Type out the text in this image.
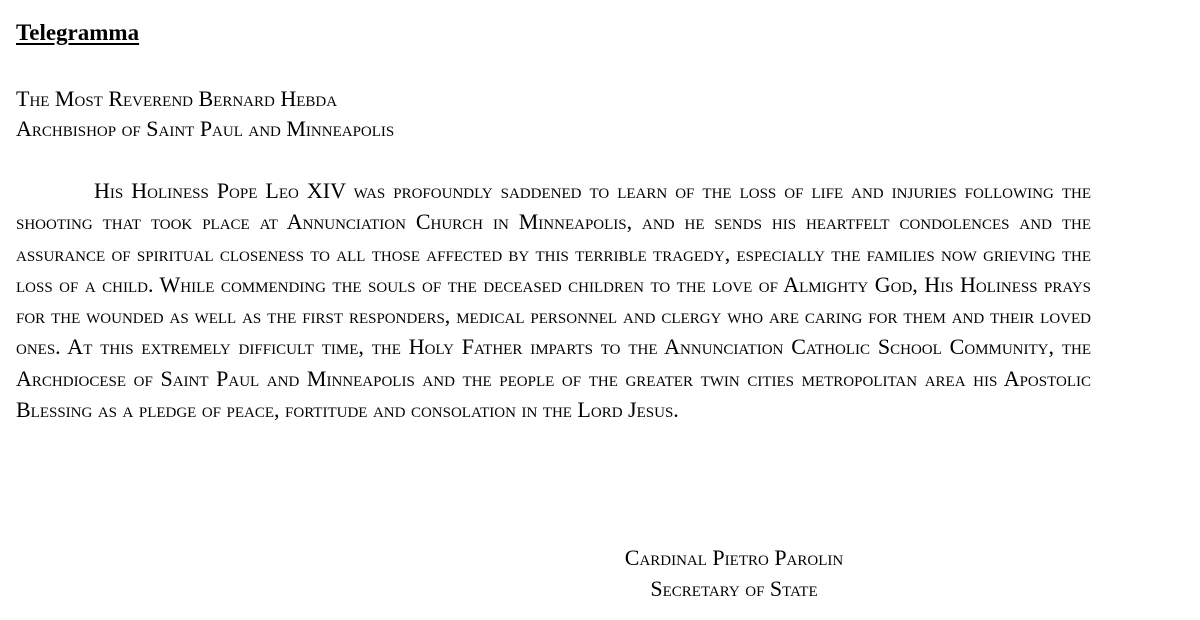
Telegramma
The Most Reverend Bernard Hebda
Archbishop of Saint Paul and Minneapolis

His Holiness Pope Leo XIV was profoundly saddened to learn of the loss of life and injuries following the shooting that took place at Annunciation Church in Minneapolis, and he sends his heartfelt condolences and the assurance of spiritual closeness to all those affected by this terrible tragedy, especially the families now grieving the loss of a child. While commending the souls of the deceased children to the love of Almighty God, His Holiness prays for the wounded as well as the first responders, medical personnel and clergy who are caring for them and their loved ones. At this extremely difficult time, the Holy Father imparts to the Annunciation Catholic School Community, the Archdiocese of Saint Paul and Minneapolis and the people of the greater twin cities metropolitan area his Apostolic Blessing as a pledge of peace, fortitude and consolation in the Lord Jesus.

Cardinal Pietro Parolin
Secretary of State
